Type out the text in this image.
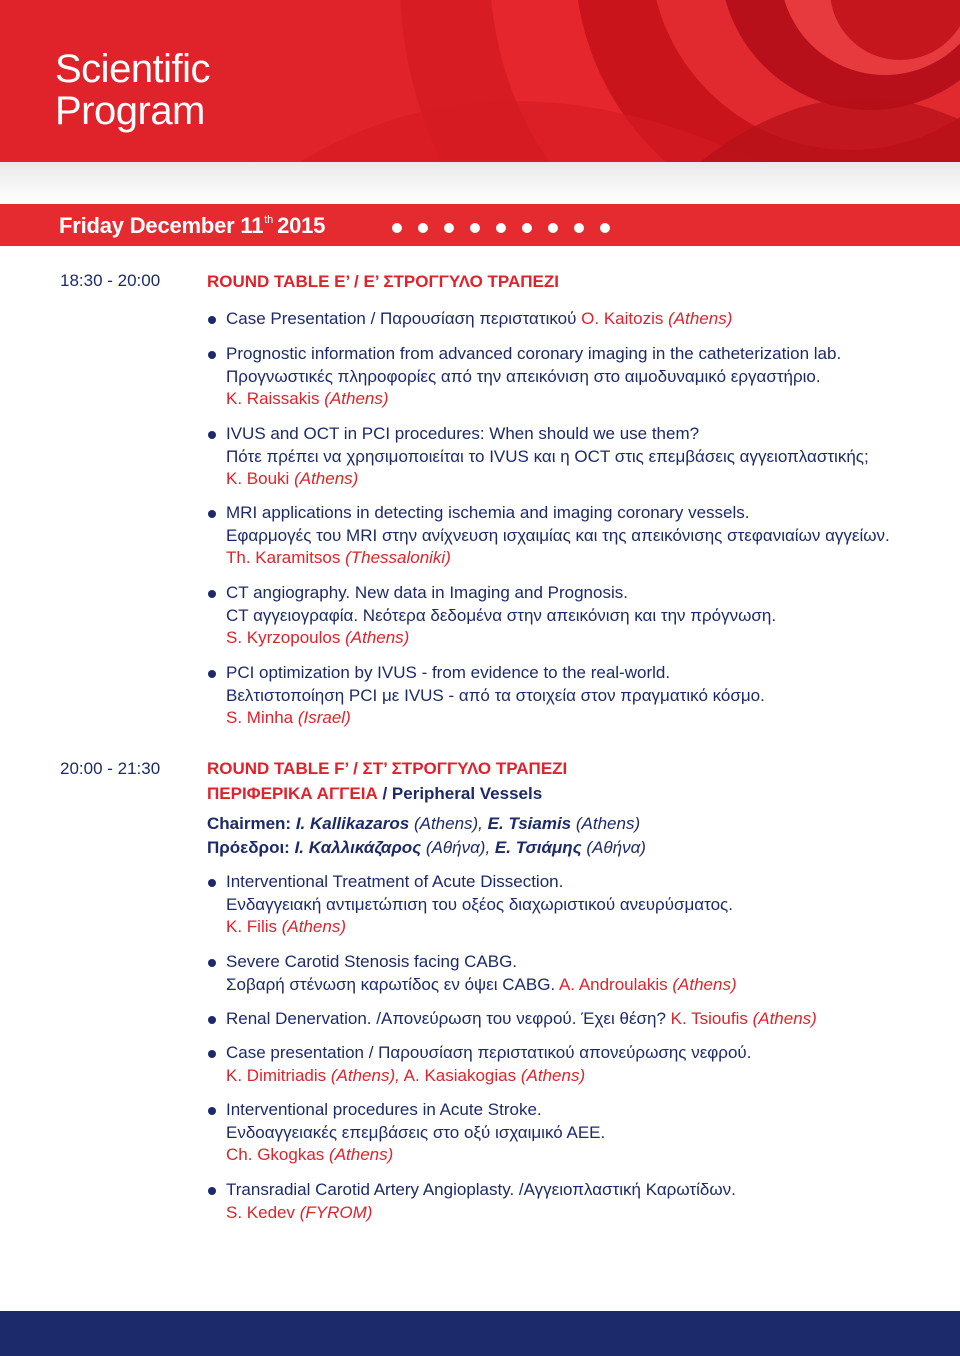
Scientific
Program
Friday December 11th 2015
18:30 - 20:00	ROUND TABLE E’ / Ε’ ΣΤΡΟΓΓΥΛΟ ΤΡΑΠΕΖΙ
Case Presentation / Παρουσίαση περιστατικού O. Kaitozis (Athens)
Prognostic information from advanced coronary imaging in the catheterization lab.
Προγνωστικές πληροφορίες από την απεικόνιση στο αιμοδυναμικό εργαστήριο.
K. Raissakis (Athens)
IVUS and OCT in PCI procedures: When should we use them?
Πότε πρέπει να χρησιμοποιείται το IVUS και η OCT στις επεμβάσεις αγγειοπλαστικής;
K. Bouki (Athens)
MRI applications in detecting ischemia and imaging coronary vessels.
Εφαρμογές του MRI στην ανίχνευση ισχαιμίας και της απεικόνισης στεφανιαίων αγγείων.
Th. Karamitsos (Thessaloniki)
CT angiography. New data in Imaging and Prognosis.
CT αγγειογραφία. Νεότερα δεδομένα στην απεικόνιση και την πρόγνωση.
S. Kyrzopoulos (Athens)
PCI optimization by IVUS - from evidence to the real-world.
Βελτιστοποίηση PCI με IVUS - από τα στοιχεία στον πραγματικό κόσμο.
S. Minha (Israel)
20:00 - 21:30	ROUND TABLE F’ / ΣΤ’ ΣΤΡΟΓΓΥΛΟ ΤΡΑΠΕΖΙ
ΠΕΡΙΦΕΡΙΚΑ ΑΓΓΕΙΑ / Peripheral Vessels
Chairmen: I. Kallikazaros (Athens), E. Tsiamis (Athens)
Πρόεδροι: I. Καλλικάζαρος (Αθήνα), E. Τσιάμης (Αθήνα)
Interventional Treatment of Acute Dissection.
Ενδαγγειακή αντιμετώπιση του οξέος διαχωριστικού ανευρύσματος.
K. Filis (Athens)
Severe Carotid Stenosis facing CABG.
Σοβαρή στένωση καρωτίδος εν όψει CABG. A. Androulakis (Athens)
Renal Denervation. /Απονεύρωση του νεφρού. Έχει θέση? K. Tsioufis (Athens)
Case presentation / Παρουσίαση περιστατικού απονεύρωσης νεφρού.
K. Dimitriadis (Athens), A. Kasiakogias (Athens)
Interventional procedures in Acute Stroke.
Ενδοαγγειακές επεμβάσεις στο οξύ ισχαιμικό ΑΕΕ.
Ch. Gkogkas (Athens)
Transradial Carotid Artery Angioplasty. /Αγγειοπλαστική Καρωτίδων.
S. Kedev (FYROM)
